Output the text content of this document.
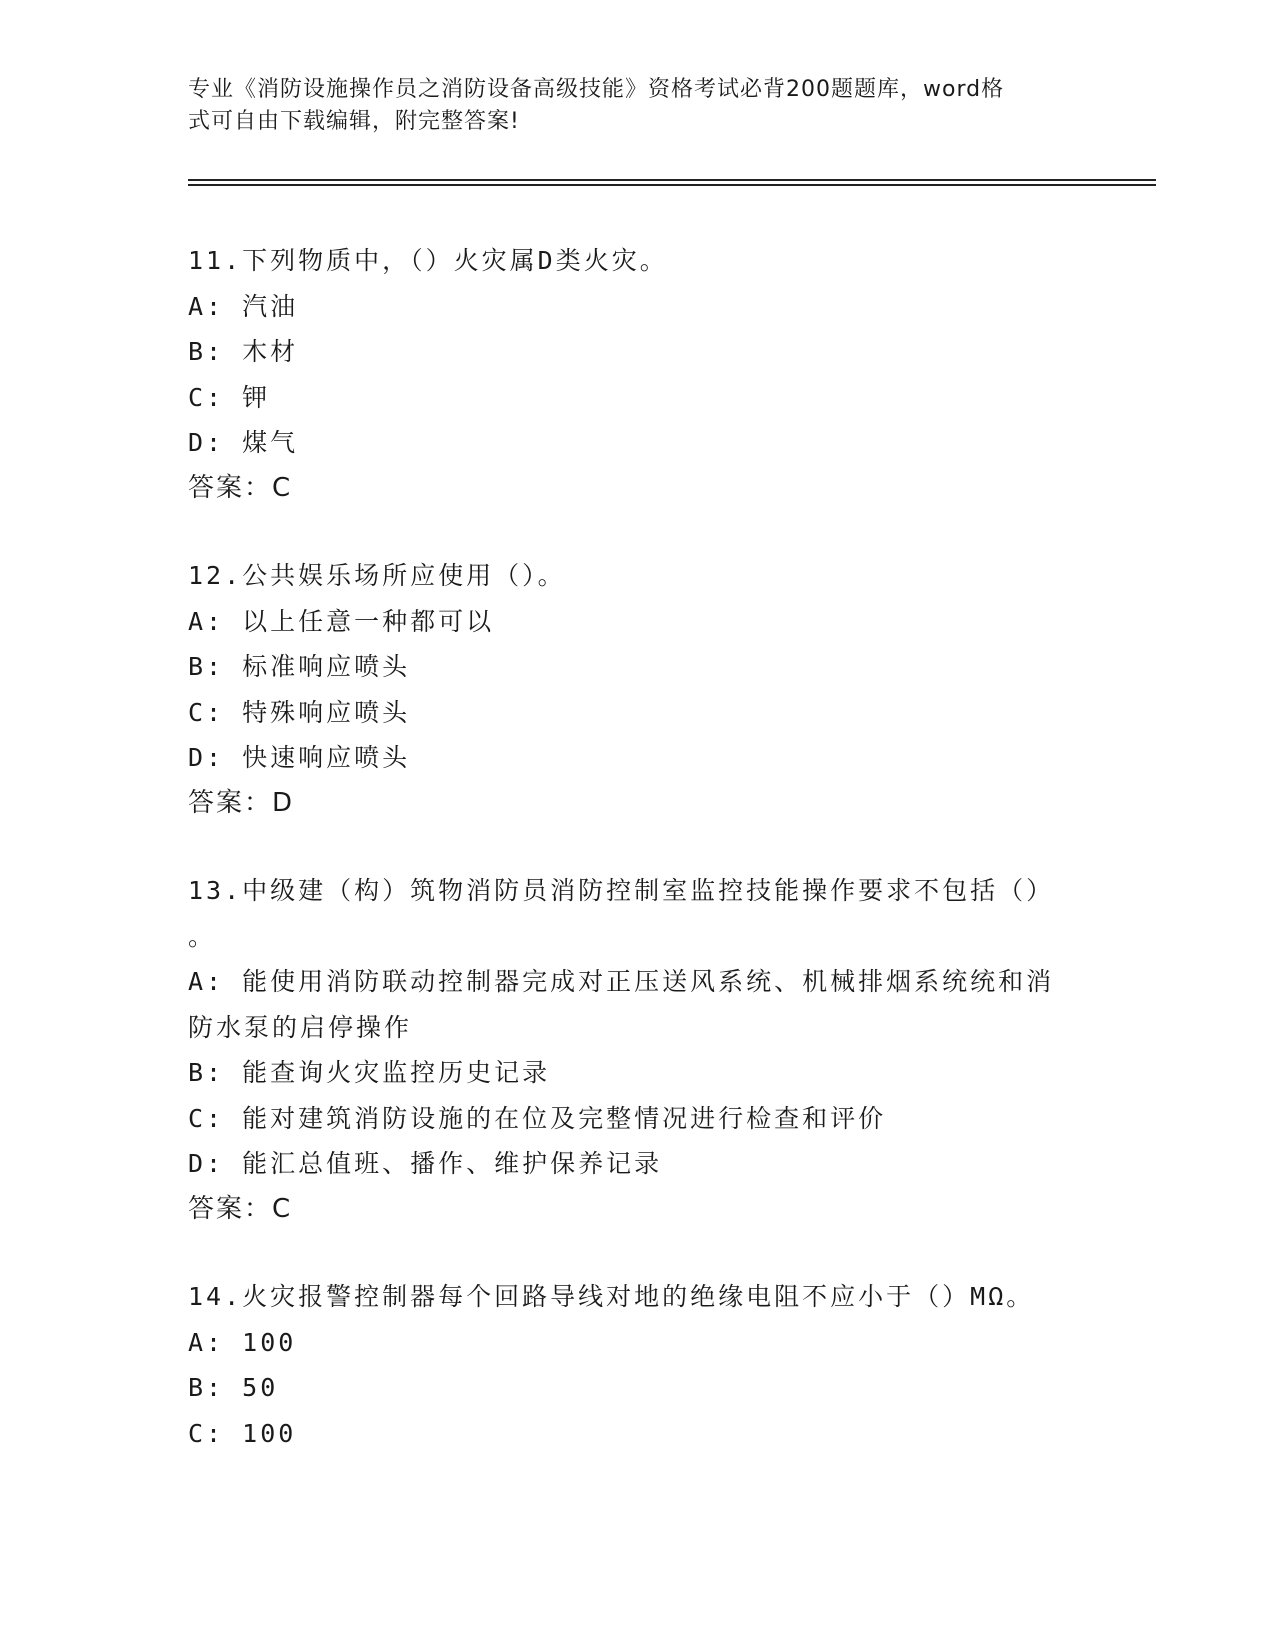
专业《消防设施操作员之消防设备高级技能》资格考试必背200题题库，word格
式可自由下载编辑，附完整答案!
11.下列物质中，（）火灾属D类火灾。
A: 汽油
B: 木材
C: 钾
D: 煤气
答案：C
12.公共娱乐场所应使用（）。
A: 以上任意一种都可以
B: 标准响应喷头
C: 特殊响应喷头
D: 快速响应喷头
答案：D
13.中级建（构）筑物消防员消防控制室监控技能操作要求不包括（）
。
A: 能使用消防联动控制器完成对正压送风系统、机械排烟系统统和消
防水泵的启停操作
B: 能查询火灾监控历史记录
C: 能对建筑消防设施的在位及完整情况进行检查和评价
D: 能汇总值班、播作、维护保养记录
答案：C
14.火灾报警控制器每个回路导线对地的绝缘电阻不应小于（）MΩ。
A: 100
B: 50
C: 100
